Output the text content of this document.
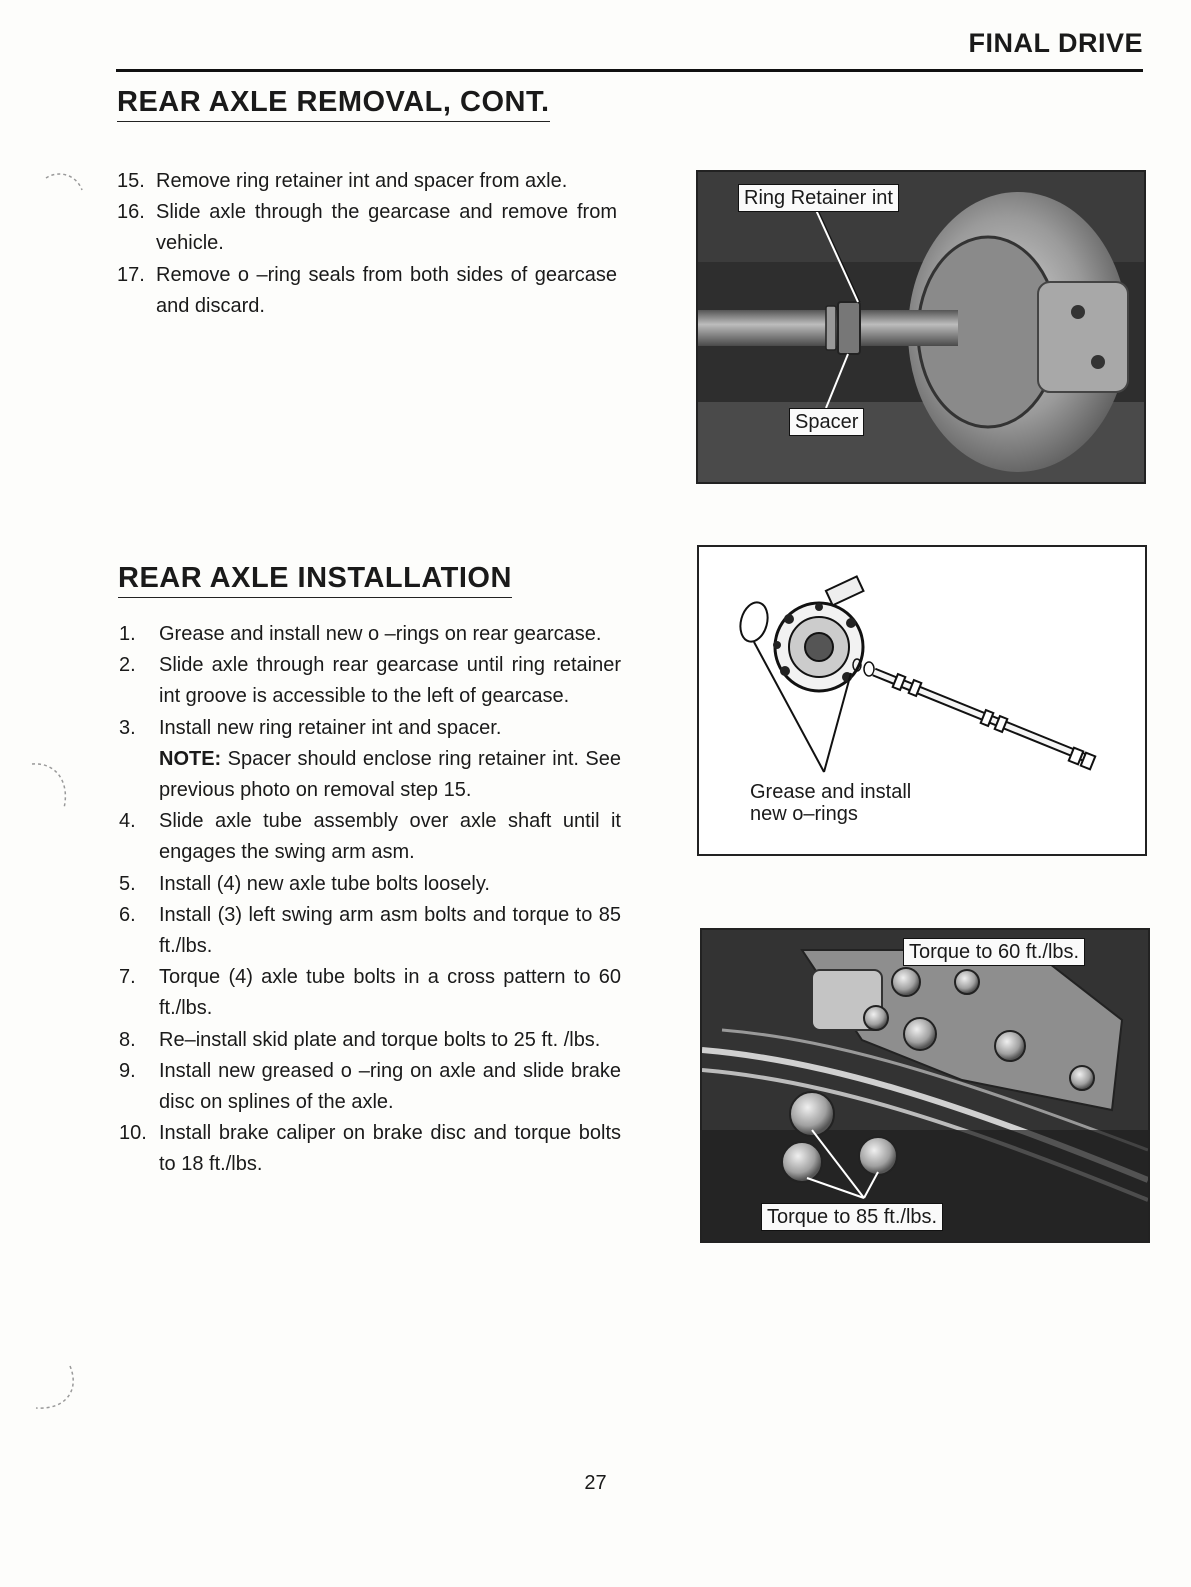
FINAL DRIVE
REAR AXLE REMOVAL, CONT.
15. Remove ring retainer int and spacer from axle.
16. Slide axle through the gearcase and remove from vehicle.
17. Remove o –ring seals from both sides of gearcase and discard.
Ring Retainer int
Spacer
REAR AXLE INSTALLATION
1. Grease and install new o –rings on rear gearcase.
2. Slide axle through rear gearcase until ring retainer int groove is accessible to the left of gearcase.
3. Install new ring retainer int and spacer.
NOTE: Spacer should enclose ring retainer int. See previous photo on removal step 15.
4. Slide axle tube assembly over axle shaft until it engages the swing arm asm.
5. Install (4) new axle tube bolts loosely.
6. Install (3) left swing arm asm bolts and torque to 85 ft./lbs.
7. Torque (4) axle tube bolts in a cross pattern to 60 ft./lbs.
8. Re–install skid plate and torque bolts to 25 ft. /lbs.
9. Install new greased o –ring on axle and slide brake disc on splines of the axle.
10. Install brake caliper on brake disc and torque bolts to 18 ft./lbs.
Grease and install
new o–rings
Torque to 60 ft./lbs.
Torque to 85 ft./lbs.
27
